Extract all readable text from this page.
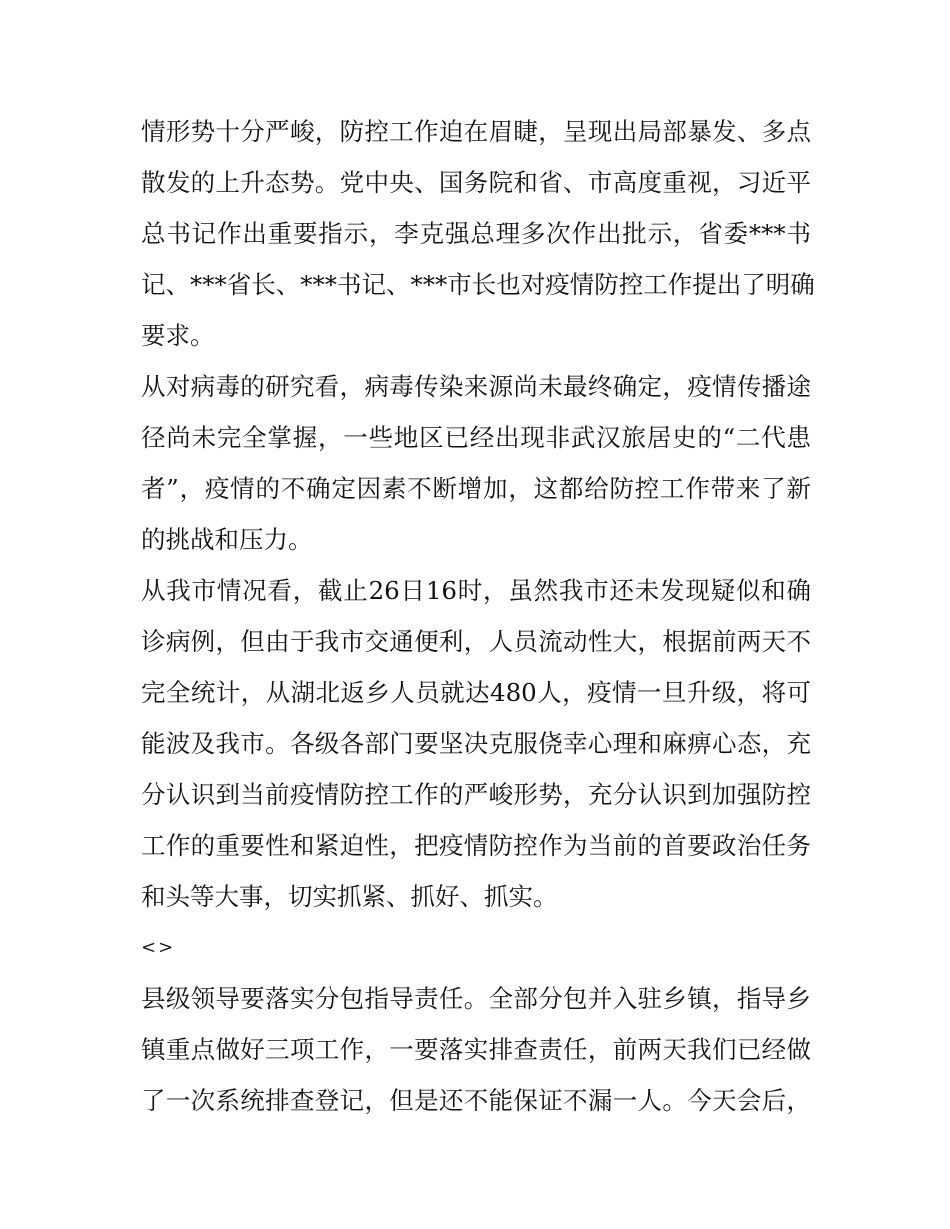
情形势十分严峻，防控工作迫在眉睫，呈现出局部暴发、多点
散发的上升态势。党中央、国务院和省、市高度重视，习近平
总书记作出重要指示，李克强总理多次作出批示，省委***书
记、***省长、***书记、***市长也对疫情防控工作提出了明确
要求。
从对病毒的研究看，病毒传染来源尚未最终确定，疫情传播途
径尚未完全掌握，一些地区已经出现非武汉旅居史的“二代患
者”，疫情的不确定因素不断增加，这都给防控工作带来了新
的挑战和压力。
从我市情况看，截止26日16时，虽然我市还未发现疑似和确
诊病例，但由于我市交通便利，人员流动性大，根据前两天不
完全统计，从湖北返乡人员就达480人，疫情一旦升级，将可
能波及我市。各级各部门要坚决克服侥幸心理和麻痹心态，充
分认识到当前疫情防控工作的严峻形势，充分认识到加强防控
工作的重要性和紧迫性，把疫情防控作为当前的首要政治任务
和头等大事，切实抓紧、抓好、抓实。
<>
县级领导要落实分包指导责任。全部分包并入驻乡镇，指导乡
镇重点做好三项工作，一要落实排查责任，前两天我们已经做
了一次系统排查登记，但是还不能保证不漏一人。今天会后，
